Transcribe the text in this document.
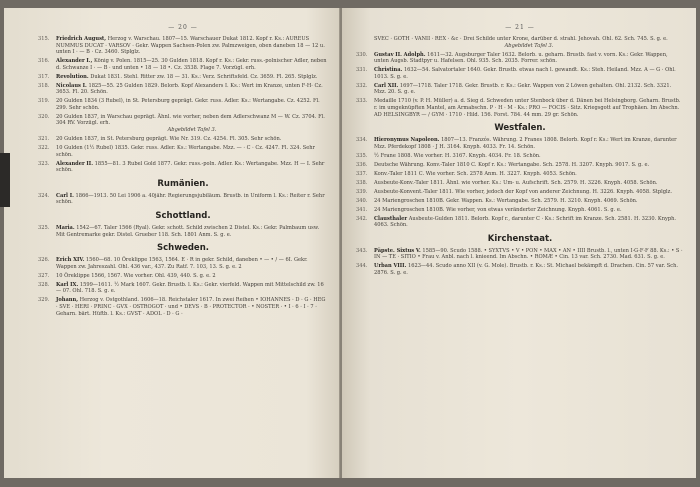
— 20 —
315.	Friedrich August, Herzog v. Warschau. 1807—15. Warschauer Dukat 1812. Kopf r. Ks.: AUREUS NUMMUS DUCAT · VARSOV · Gekr. Wappen Sachsen-Polen zw. Palmzweigen, oben daneben 18 — 12 u. unten I · — B · Cz. 3460. Stplglz.
316.	Alexander I., König v. Polen. 1815—25. 30 Gulden 1818. Kopf r. Ks.: Gekr. russ.-polnischer Adler, neben d. Schwanze I · — B · und unten • 18 — 18 •. Cz. 3538. Flage 7. Vorzügl. erh.
317.	Revolution. Dukat 1831. Stehl. Ritter zw. 18 — 31. Ks.: Verz. Schriftsfeld. Cz. 3659. Fl. 265. Stplglz.
318.	Nicolaus I. 1825—55. 25 Gulden 1829. Belorb. Kopf Alexanders I. Ks.: Wert im Kranze, unten F·H· Cz. 3653. Fl. 20. Schön.
319.	20 Gulden 1834 (3 Rubel), in St. Petersburg geprägt. Gekr. russ. Adler. Ks.: Wertangabe. Cz. 4252. Fl. 299. Sehr schön.
320.	20 Gulden 1837, in Warschau geprägt. Ähnl. wie vorher, neben dem Adlerschwanz M — W. Cz. 3704. Fl. 304 RV. Vorzügl. erh.
Abgebildet Tafel 3.
321.	20 Gulden 1837, in St. Petersburg geprägt. Wie Nr. 319. Cz. 4254. Fl. 305. Sehr schön.
322.	10 Gulden (1½ Rubel) 1835. Gekr. russ. Adler. Ks.: Wertangabe. Mzz. — · C · Cz. 4247. Fl. 324. Sehr schön.
323.	Alexander II. 1855—81. 3 Rubel Gold 1877. Gekr. russ.-poln. Adler. Ks.: Wertangabe. Mzz. H — I. Sehr schön.
Rumänien.
324.	Carl I. 1866—1913. 50 Lei 1906 a. 40jähr. Regierungsjubiläum. Brustb. in Uniform l. Ks.: Reiter r. Sehr schön.
Schottland.
325.	Maria. 1542—67. Taler 1566 (Ryal). Gekr. schott. Schild zwischen 2 Distel. Ks.: Gekr. Palmbaum usw. Mit Gentremarke gekr. Distel. Grueber 118. Sch. 1801 Anm. S. g. e.
Schweden.
326.	Erich XIV. 1560—68. 10 Öreklippe 1563, 1564. E · R in gekr. Schild, daneben • — • / — 6I. Gekr. Wappen zw. Jahreszahl. Ohl. 436 var., 437. Zu Ratf. 7. 103, 13. S. g. e. 2
327.	10 Öreklippe 1566, 1567. Wie vorher. Ohl. 439, 440. S. g. e. 2
328.	Karl IX. 1599—1611. ½ Mark 1607. Gekr. Brustb. l. Ks.: Gekr. vierfeld. Wappen mit Mittelschild zw. 16 — 07. Ohl. 718. S. g. e.
329.	Johann, Herzog v. Ostgothland. 1606—18. Reichstaler 1617. In zwei Reihen • IOHANNES · D · G · HEG · SVE · HERI · PRINC · GVX · OSTROGOT · und • DEVS · B · PROTECTOR · • NOSTER · • I · 6 · I · 7 · Geharn. bärt. Hüftb. l. Ks.: GVST · ADOL · D · G ·
— 21 —
SVEC · GOTH · VANII · REX · &c · Drei Schilde unter Krone, darüber d. strahl. Jehovah. Ohl. 62. Sch. 745. S. g. e.
Abgebildet Tafel 3.
330.	Gustav II. Adolph. 1611—32. Augsburger Taler 1632. Belorb. u. geharn. Brustb. fast v. vorn. Ks.: Gekr. Wappen, unten Augsb. Stadtpyr u. Hafelsen. Ohl. 935. Sch. 2035. Forrer. schön.
331.	Christina. 1632—54. Salvatortaler 1640. Gekr. Brustb. etwas nach l. gewandt. Ks.: Steh. Heiland. Mzz. A — G · Ohl. 1013. S. g. e.
332.	Carl XII. 1697—1718. Taler 1718. Gekr. Brustb. r. Ks.: Gekr. Wappen von 2 Löwen gehalten. Ohl. 2132. Sch. 3321. Mzz. 20. S. g. e.
333.	Medaille 1710 (v. P. H. Müller) a. d. Sieg d. Schweden unter Stenbock über d. Dänen bei Helsingborg. Geharn. Brustb. r. im umgeknüpften Mantel, am Armabschn. P · H · M · Ks.: PRO — FOCIS · Sitz. Kriegsgott auf Trophäen. Im Abschn. AD HELSINGBYR — / GYM · 1710 · Hild. 156. Forst. 784. 44 mm. 29 gr. Schön.
Westfalen.
334.	Hieronymus Napoleon. 1807—13. Franzós. Währung. 2 Franes 1808. Belorb. Kopf r. Ks.: Wert im Kranze, darunter Mzz. Pferdekopf 1808 · J H. 3164. Knyph. 4033. Fr. 14. Schön.
335.	½ Frane 1808. Wie vorher. H. 3167. Knyph. 4034. Fr. 18. Schön.
336.	Deutsche Währung. Konv.-Taler 1810 C. Kopf r. Ks.: Wertangabe. Sch. 2578. H. 3207. Knyph. 9017. S. g. e.
337.	Konv.-Taler 1811 C. Wie vorher. Sch. 2578 Anm. H. 3227. Knyph. 4053. Schön.
338.	Ausbeute-Konv.-Taler 1811. Ähnl. wie vorher. Ks.: Um- u. Aufschrift. Sch. 2579. H. 3226. Knyph. 4058. Schön.
339.	Ausbeute-Konvent.-Taler 1811. Wie vorher, jedoch der Kopf von anderer Zeichnung. H. 3226. Knyph. 4058. Stplglz.
340.	24 Mariengroschen 1810B. Gekr. Wappen. Ks.: Wertangabe. Sch. 2579. H. 3210. Knyph. 4069. Schön.
341.	24 Mariengroschen 1810B. Wie vorher, von etwas veränderter Zeichnung. Knyph. 4061. S. g. e.
342.	Clausthaler Ausbeute-Gulden 1811. Belorb. Kopf r., darunter C · Ks.: Schrift im Kranze. Sch. 2581. H. 3230. Knyph. 4063. Schön.
Kirchenstaat.
343.	Päpste. Sixtus V. 1585—90. Scudo 1588. • SYXTVS • V • PON • MAX • AN • IIII Brustb. l., unten I·G·F·F 88. Ks.: • S · IN — TE · SITIO • Frau v. Anbl. nach l. knieend. Im Abschn. • ROMÆ • Cin. 13 var. Sch. 2730. Mad. 631. S. g. e.
344.	Urban VIII. 1623—44. Scudo anno XII (v. G. Mole). Brustb. r. Ks.: St. Michael bekämpft d. Drachen. Cin. 57 var. Sch. 2876. S. g. e.
